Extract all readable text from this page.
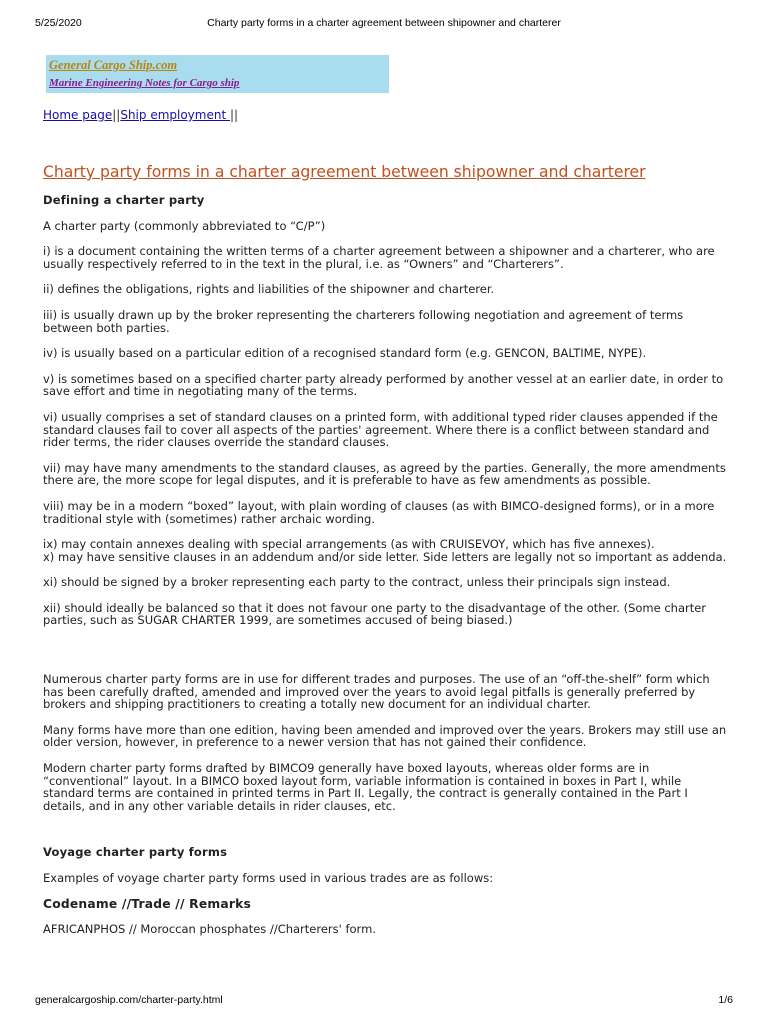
5/25/2020	Charty party forms in a charter agreement between shipowner and charterer
General Cargo Ship.com
Marine Engineering Notes for Cargo ship
Home page||Ship employment ||
Charty party forms in a charter agreement between shipowner and charterer
Defining a charter party

A charter party (commonly abbreviated to “C/P”)

i) is a document containing the written terms of a charter agreement between a shipowner and a charterer, who are usually respectively referred to in the text in the plural, i.e. as “Owners” and “Charterers”.

ii) defines the obligations, rights and liabilities of the shipowner and charterer.

iii) is usually drawn up by the broker representing the charterers following negotiation and agreement of terms between both parties.

iv) is usually based on a particular edition of a recognised standard form (e.g. GENCON, BALTIME, NYPE).

v) is sometimes based on a specified charter party already performed by another vessel at an earlier date, in order to save effort and time in negotiating many of the terms.

vi) usually comprises a set of standard clauses on a printed form, with additional typed rider clauses appended if the standard clauses fail to cover all aspects of the parties' agreement. Where there is a conflict between standard and rider terms, the rider clauses override the standard clauses.

vii) may have many amendments to the standard clauses, as agreed by the parties. Generally, the more amendments there are, the more scope for legal disputes, and it is preferable to have as few amendments as possible.

viii) may be in a modern “boxed” layout, with plain wording of clauses (as with BIMCO-designed forms), or in a more traditional style with (sometimes) rather archaic wording.

ix) may contain annexes dealing with special arrangements (as with CRUISEVOY, which has five annexes).

x) may have sensitive clauses in an addendum and/or side letter. Side letters are legally not so important as addenda.

xi) should be signed by a broker representing each party to the contract, unless their principals sign instead.

xii) should ideally be balanced so that it does not favour one party to the disadvantage of the other. (Some charter parties, such as SUGAR CHARTER 1999, are sometimes accused of being biased.)

Numerous charter party forms are in use for different trades and purposes. The use of an “off-the-shelf” form which has been carefully drafted, amended and improved over the years to avoid legal pitfalls is generally preferred by brokers and shipping practitioners to creating a totally new document for an individual charter.

Many forms have more than one edition, having been amended and improved over the years. Brokers may still use an older version, however, in preference to a newer version that has not gained their confidence.

Modern charter party forms drafted by BIMCO9 generally have boxed layouts, whereas older forms are in “conventional” layout. In a BIMCO boxed layout form, variable information is contained in boxes in Part I, while standard terms are contained in printed terms in Part II. Legally, the contract is generally contained in the Part I details, and in any other variable details in rider clauses, etc.

Voyage charter party forms

Examples of voyage charter party forms used in various trades are as follows:

Codename //Trade // Remarks

AFRICANPHOS // Moroccan phosphates //Charterers' form.

generalcargoship.com/charter-party.html	1/6
